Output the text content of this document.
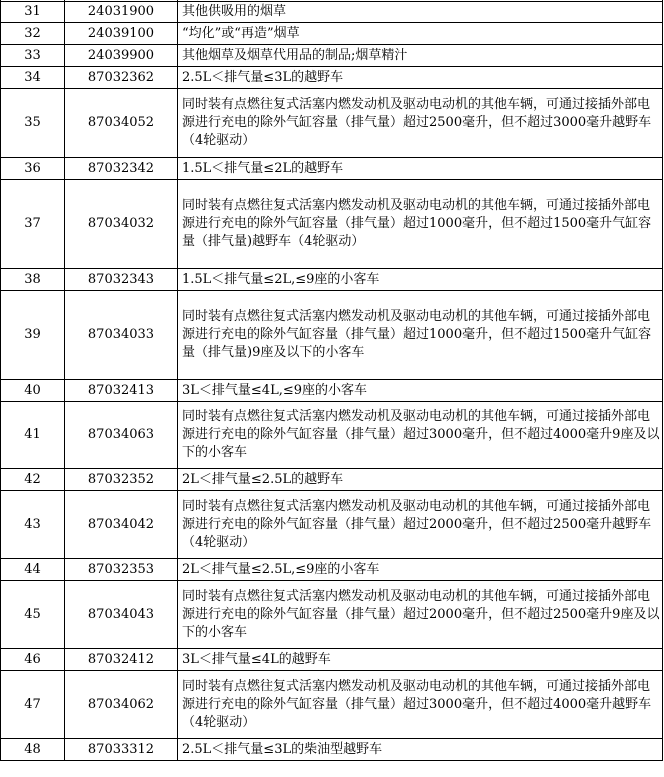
31	24031900	其他供吸用的烟草
32	24039100	“均化”或“再造”烟草
33	24039900	其他烟草及烟草代用品的制品;烟草精汁
34	87032362	2.5L＜排气量≤3L的越野车
35	87034052	同时装有点燃往复式活塞内燃发动机及驱动电动机的其他车辆，可通过接插外部电源进行充电的除外气缸容量（排气量）超过2500毫升，但不超过3000毫升越野车（4轮驱动）
36	87032342	1.5L＜排气量≤2L的越野车
37	87034032	同时装有点燃往复式活塞内燃发动机及驱动电动机的其他车辆，可通过接插外部电源进行充电的除外气缸容量（排气量）超过1000毫升，但不超过1500毫升气缸容量（排气量)越野车（4轮驱动）
38	87032343	1.5L＜排气量≤2L,≤9座的小客车
39	87034033	同时装有点燃往复式活塞内燃发动机及驱动电动机的其他车辆，可通过接插外部电源进行充电的除外气缸容量（排气量）超过1000毫升，但不超过1500毫升气缸容量（排气量)9座及以下的小客车
40	87032413	3L＜排气量≤4L,≤9座的小客车
41	87034063	同时装有点燃往复式活塞内燃发动机及驱动电动机的其他车辆，可通过接插外部电源进行充电的除外气缸容量（排气量）超过3000毫升，但不超过4000毫升9座及以下的小客车
42	87032352	2L＜排气量≤2.5L的越野车
43	87034042	同时装有点燃往复式活塞内燃发动机及驱动电动机的其他车辆，可通过接插外部电源进行充电的除外气缸容量（排气量）超过2000毫升，但不超过2500毫升越野车（4轮驱动）
44	87032353	2L＜排气量≤2.5L,≤9座的小客车
45	87034043	同时装有点燃往复式活塞内燃发动机及驱动电动机的其他车辆，可通过接插外部电源进行充电的除外气缸容量（排气量）超过2000毫升，但不超过2500毫升9座及以下的小客车
46	87032412	3L＜排气量≤4L的越野车
47	87034062	同时装有点燃往复式活塞内燃发动机及驱动电动机的其他车辆，可通过接插外部电源进行充电的除外气缸容量（排气量）超过3000毫升，但不超过4000毫升越野车（4轮驱动）
48	87033312	2.5L＜排气量≤3L的柴油型越野车
